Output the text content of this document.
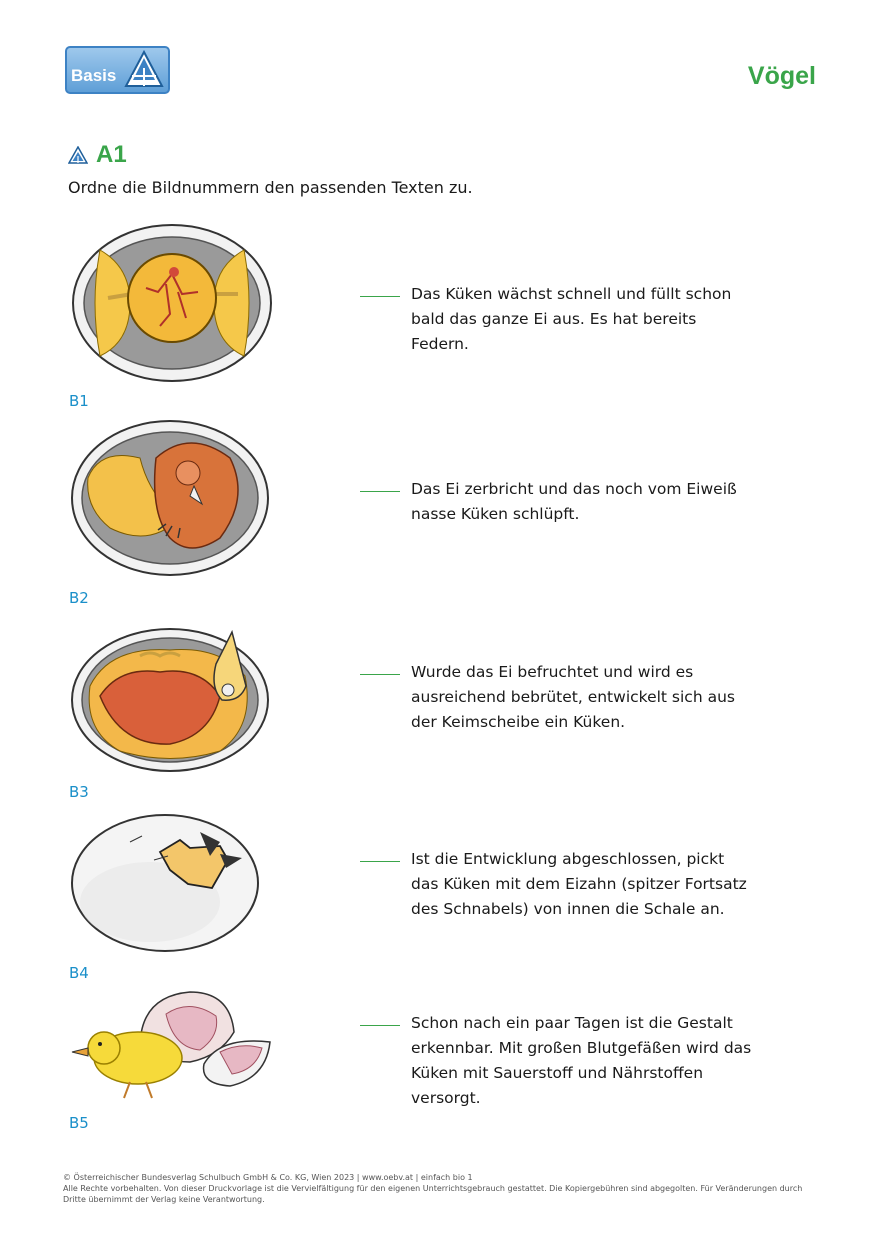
Basis	Vögel
A1
Ordne die Bildnummern den passenden Texten zu.
B1
B2
B3
B4
B5
Das Küken wächst schnell und füllt schon bald das ganze Ei aus. Es hat bereits Federn.
Das Ei zerbricht und das noch vom Eiweiß nasse Küken schlüpft.
Wurde das Ei befruchtet und wird es ausreichend bebrütet, entwickelt sich aus der Keimscheibe ein Küken.
Ist die Entwicklung abgeschlossen, pickt das Küken mit dem Eizahn (spitzer Fortsatz des Schnabels) von innen die Schale an.
Schon nach ein paar Tagen ist die Gestalt erkennbar. Mit großen Blutgefäßen wird das Küken mit Sauerstoff und Nährstoffen versorgt.
© Österreichischer Bundesverlag Schulbuch GmbH & Co. KG, Wien 2023 | www.oebv.at | einfach bio 1
Alle Rechte vorbehalten. Von dieser Druckvorlage ist die Vervielfältigung für den eigenen Unterrichtsgebrauch gestattet. Die Kopiergebühren sind abgegolten. Für Veränderungen durch Dritte übernimmt der Verlag keine Verantwortung.
